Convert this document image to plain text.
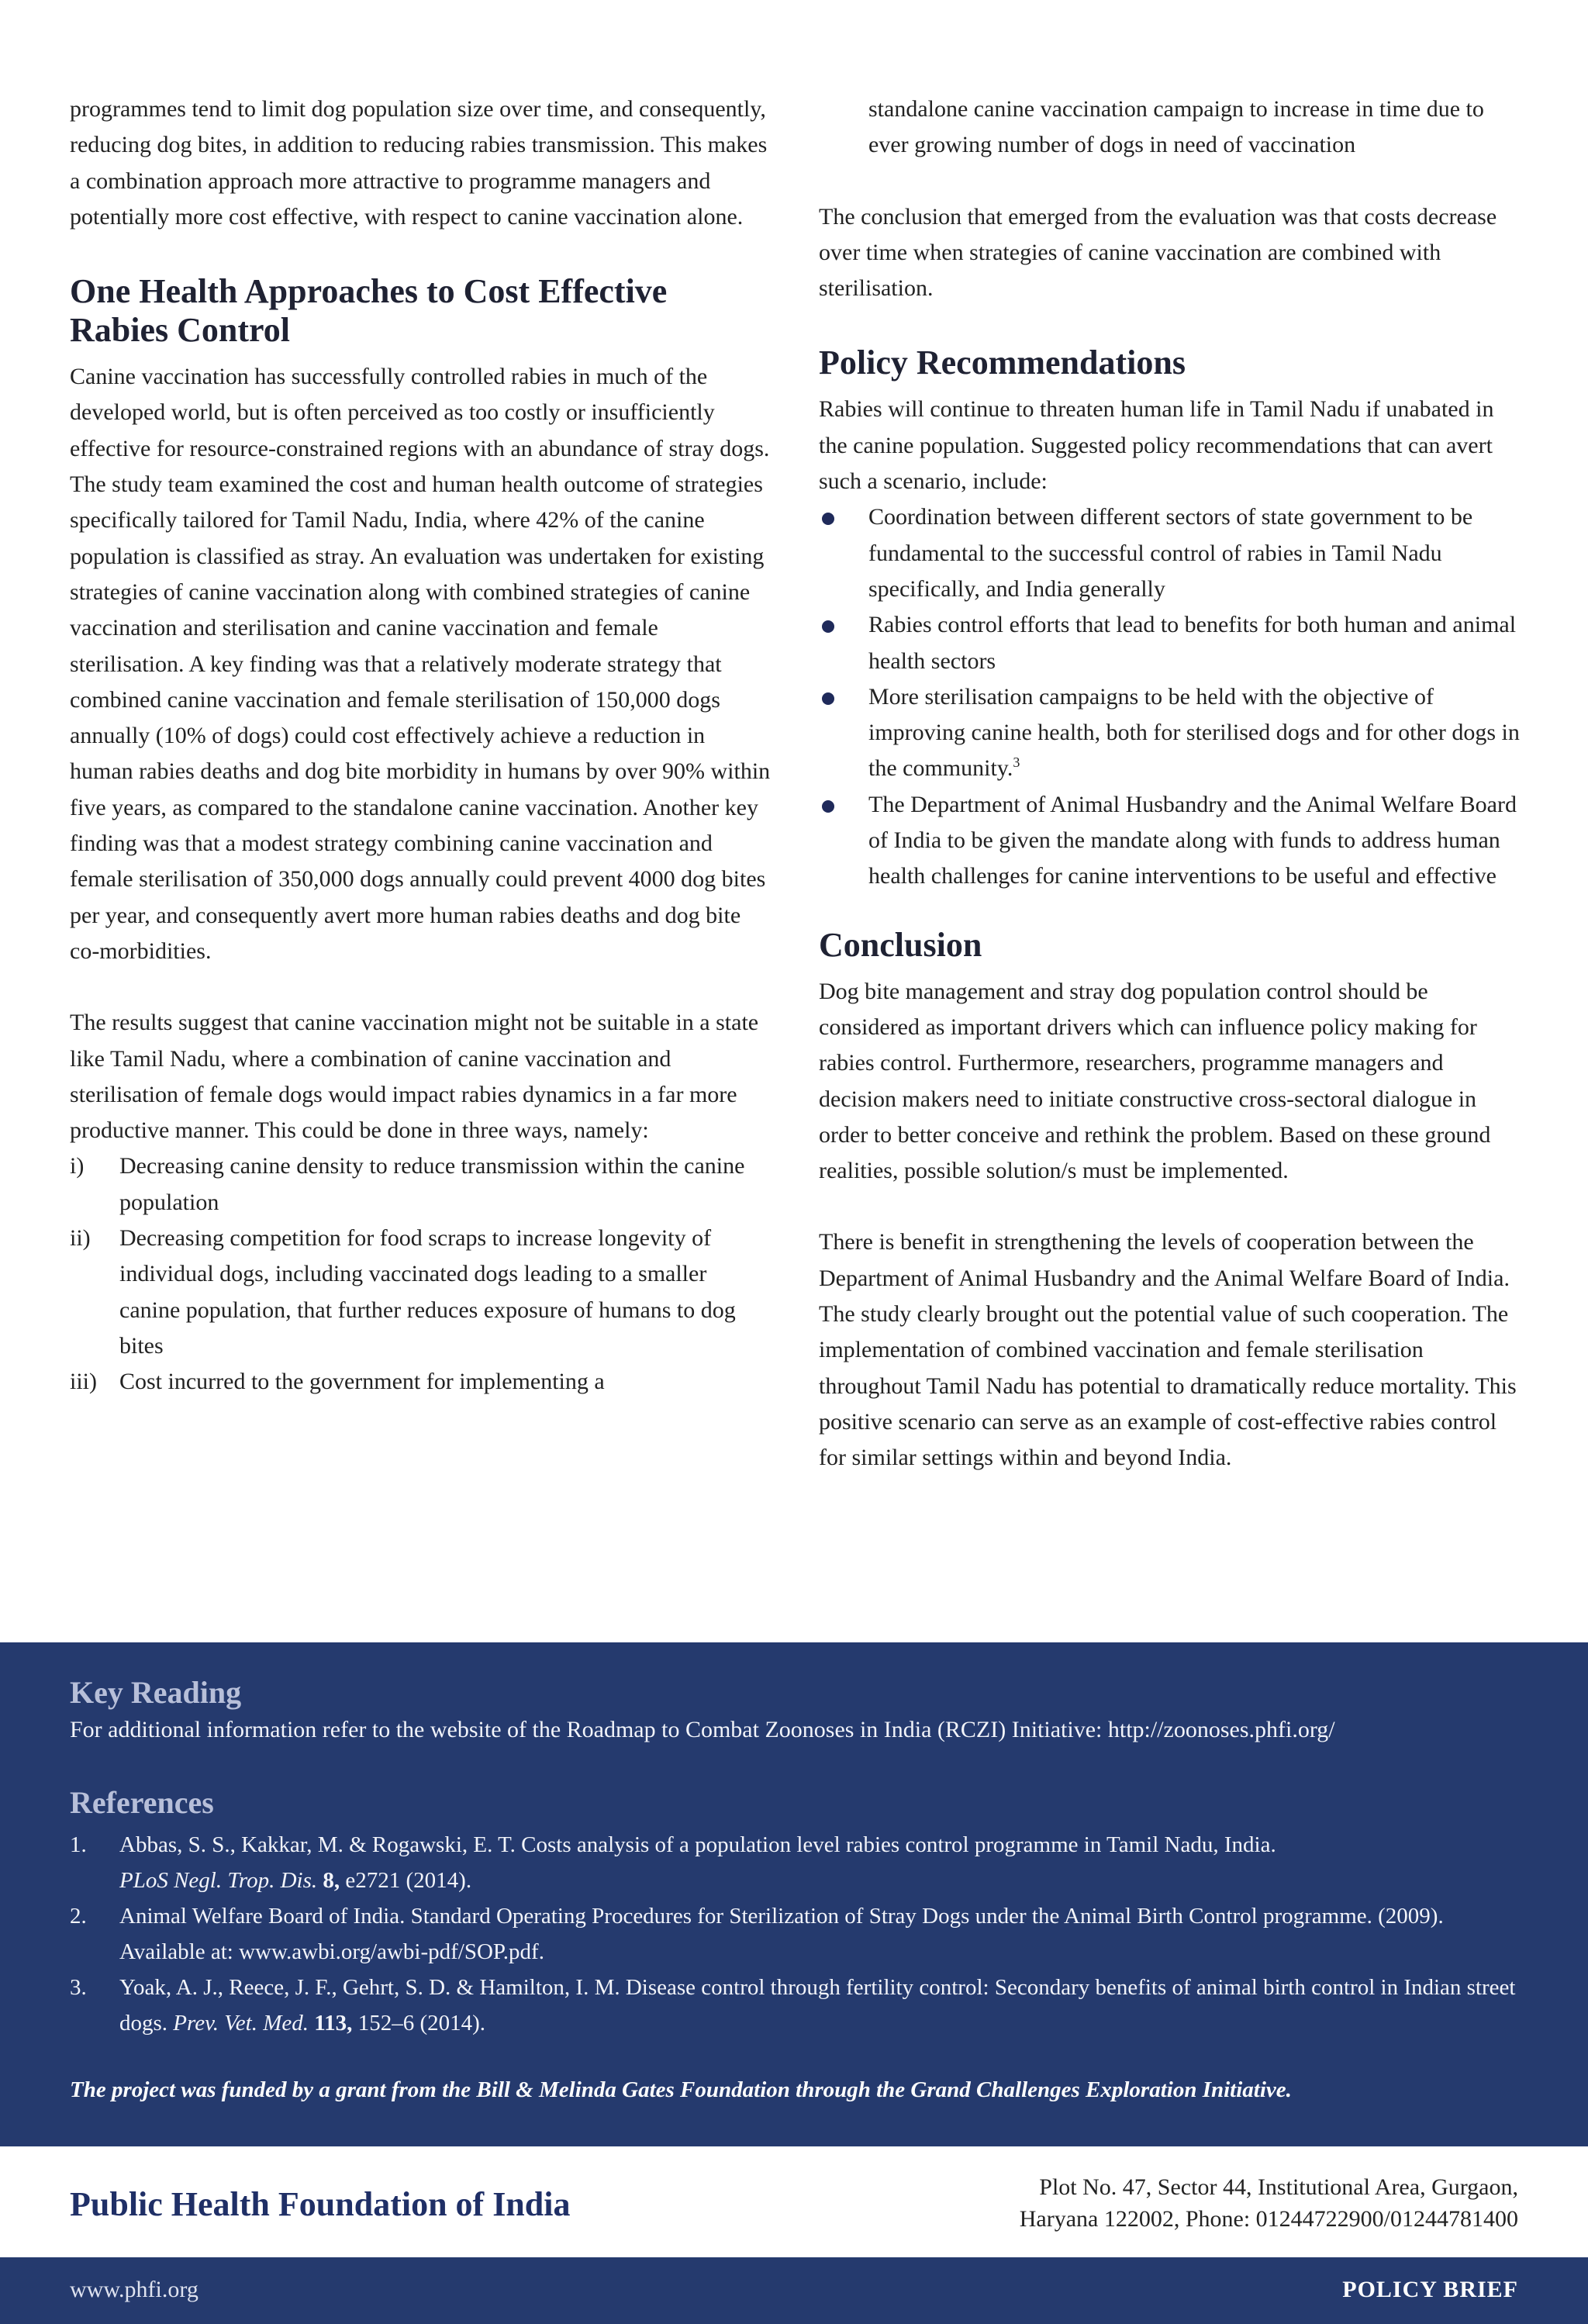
programmes tend to limit dog population size over time, and consequently, reducing dog bites, in addition to reducing rabies transmission. This makes a combination approach more attractive to programme managers and potentially more cost effective, with respect to canine vaccination alone.

One Health Approaches to Cost Effective Rabies Control

Canine vaccination has successfully controlled rabies in much of the developed world, but is often perceived as too costly or insufficiently effective for resource-constrained regions with an abundance of stray dogs. The study team examined the cost and human health outcome of strategies specifically tailored for Tamil Nadu, India, where 42% of the canine population is classified as stray. An evaluation was undertaken for existing strategies of canine vaccination along with combined strategies of canine vaccination and sterilisation and canine vaccination and female sterilisation. A key finding was that a relatively moderate strategy that combined canine vaccination and female sterilisation of 150,000 dogs annually (10% of dogs) could cost effectively achieve a reduction in human rabies deaths and dog bite morbidity in humans by over 90% within five years, as compared to the standalone canine vaccination. Another key finding was that a modest strategy combining canine vaccination and female sterilisation of 350,000 dogs annually could prevent 4000 dog bites per year, and consequently avert more human rabies deaths and dog bite co-morbidities.

The results suggest that canine vaccination might not be suitable in a state like Tamil Nadu, where a combination of canine vaccination and sterilisation of female dogs would impact rabies dynamics in a far more productive manner. This could be done in three ways, namely:

i) Decreasing canine density to reduce transmission within the canine population
ii) Decreasing competition for food scraps to increase longevity of individual dogs, including vaccinated dogs leading to a smaller canine population, that further reduces exposure of humans to dog bites
iii) Cost incurred to the government for implementing a

standalone canine vaccination campaign to increase in time due to ever growing number of dogs in need of vaccination

The conclusion that emerged from the evaluation was that costs decrease over time when strategies of canine vaccination are combined with sterilisation.

Policy Recommendations

Rabies will continue to threaten human life in Tamil Nadu if unabated in the canine population. Suggested policy recommendations that can avert such a scenario, include:

Coordination between different sectors of state government to be fundamental to the successful control of rabies in Tamil Nadu specifically, and India generally
Rabies control efforts that lead to benefits for both human and animal health sectors
More sterilisation campaigns to be held with the objective of improving canine health, both for sterilised dogs and for other dogs in the community.$^3$
The Department of Animal Husbandry and the Animal Welfare Board of India to be given the mandate along with funds to address human health challenges for canine interventions to be useful and effective
Conclusion

Dog bite management and stray dog population control should be considered as important drivers which can influence policy making for rabies control. Furthermore, researchers, programme managers and decision makers need to initiate constructive cross-sectoral dialogue in order to better conceive and rethink the problem. Based on these ground realities, possible solution/s must be implemented.

There is benefit in strengthening the levels of cooperation between the Department of Animal Husbandry and the Animal Welfare Board of India. The study clearly brought out the potential value of such cooperation. The implementation of combined vaccination and female sterilisation throughout Tamil Nadu has potential to dramatically reduce mortality. This positive scenario can serve as an example of cost-effective rabies control for similar settings within and beyond India.

Key Reading

For additional information refer to the website of the Roadmap to Combat Zoonoses in India (RCZI) Initiative: http://zoonoses.phfi.org/

References
1. Abbas, S. S., Kakkar, M. & Rogawski, E. T. Costs analysis of a population level rabies control programme in Tamil Nadu, India.
PLoS Negl. Trop. Dis. 8, e2721 (2014).
2. Animal Welfare Board of India. Standard Operating Procedures for Sterilization of Stray Dogs under the Animal Birth Control programme. (2009). Available at: www.awbi.org/awbi-pdf/SOP.pdf.
3. Yoak, A. J., Reece, J. F., Gehrt, S. D. & Hamilton, I. M. Disease control through fertility control: Secondary benefits of animal birth control in Indian street dogs. Prev. Vet. Med. 113, 152–6 (2014).

The project was funded by a grant from the Bill & Melinda Gates Foundation through the Grand Challenges Exploration Initiative.

Public Health Foundation of India	Plot No. 47, Sector 44, Institutional Area, Gurgaon,
Haryana 122002, Phone: 01244722900/01244781400
www.phfi.org	POLICY BRIEF
